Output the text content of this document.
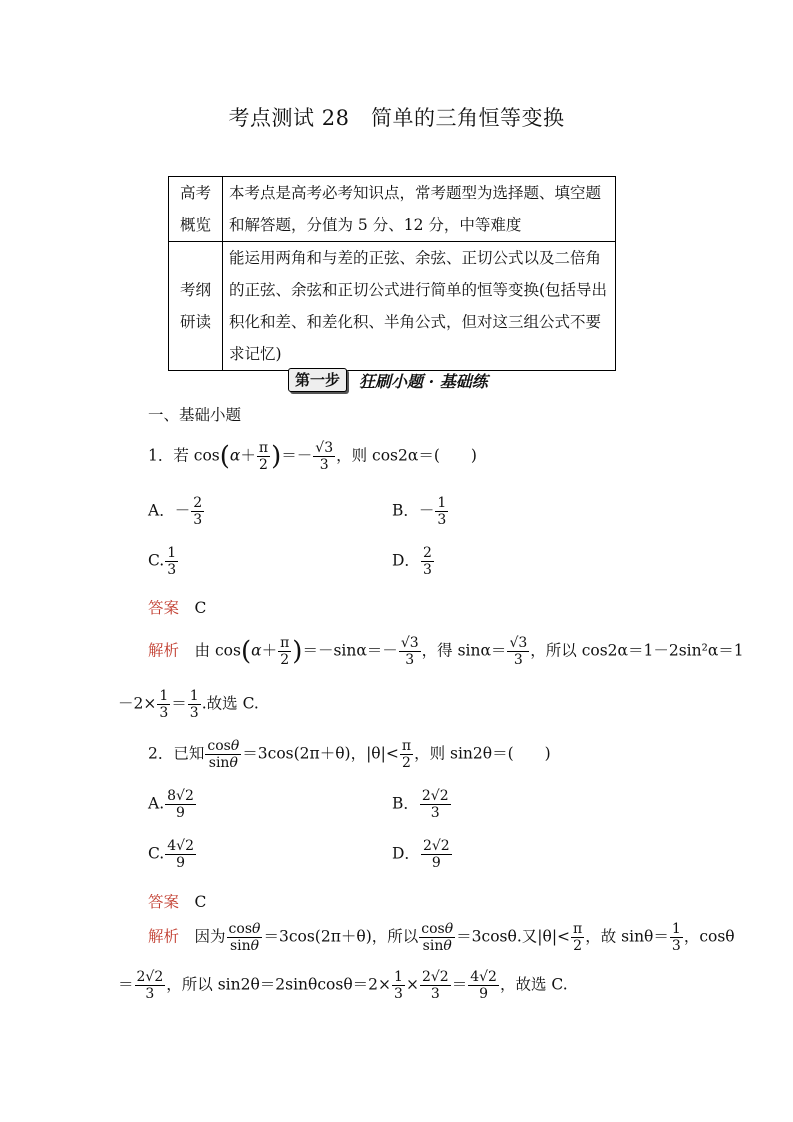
考点测试 28　简单的三角恒等变换
高考概览	本考点是高考必考知识点，常考题型为选择题、填空题和解答题，分值为 5 分、12 分，中等难度
考纲研读	能运用两角和与差的正弦、余弦、正切公式以及二倍角的正弦、余弦和正切公式进行简单的恒等变换(包括导出积化和差、和差化积、半角公式，但对这三组公式不要求记忆)
第一步	狂刷小题 · 基础练
一、基础小题
1．若 $\cos(\alpha+ \frac{\pi}{2}$ )＝－ $\frac{√3}{3}$ ，则 cos2α＝(　　)
A．－ $\frac{2}{3}$	B．－ $\frac{1}{3}$
C. $\frac{1}{3}$	D． $\frac{2}{3}$
答案　 C
解析　 由 $\cos(\alpha+ \frac{\pi}{2} )=-\sin\alpha=- \frac{√3}{3}$ ，得 $\sin\alpha= \frac{√3}{3}$ ，所以 cos2α＝1－2sin²α＝1
$-2\times \frac{1}{3} = \frac{1}{3}$ .故选 C.
2．已知 $\frac{\cos\theta}{\sin\theta} =3\cos(2\pi+\theta)$，$|\theta|< \frac{\pi}{2}$ ，则 sin2θ＝(　　)
A. $\frac{8√2}{9}$	B． $\frac{2√2}{3}$
C. $\frac{4√2}{9}$	D． $\frac{2√2}{9}$
答案　 C
解析　 因为 $\frac{\cos\theta}{\sin\theta} =3\cos(2\pi+\theta)$，所以 $\frac{\cos\theta}{\sin\theta} =3\cos\theta$.又$|\theta|< \frac{\pi}{2}$ ，故 $\sin\theta= \frac{1}{3}$ ，cosθ
＝ $\frac{2√2}{3}$ ，所以 $\sin 2\theta=2\sin\theta\cos\theta=2\times \frac{1}{3} \times \frac{2√2}{3} = \frac{4√2}{9}$ ，故选 C.
